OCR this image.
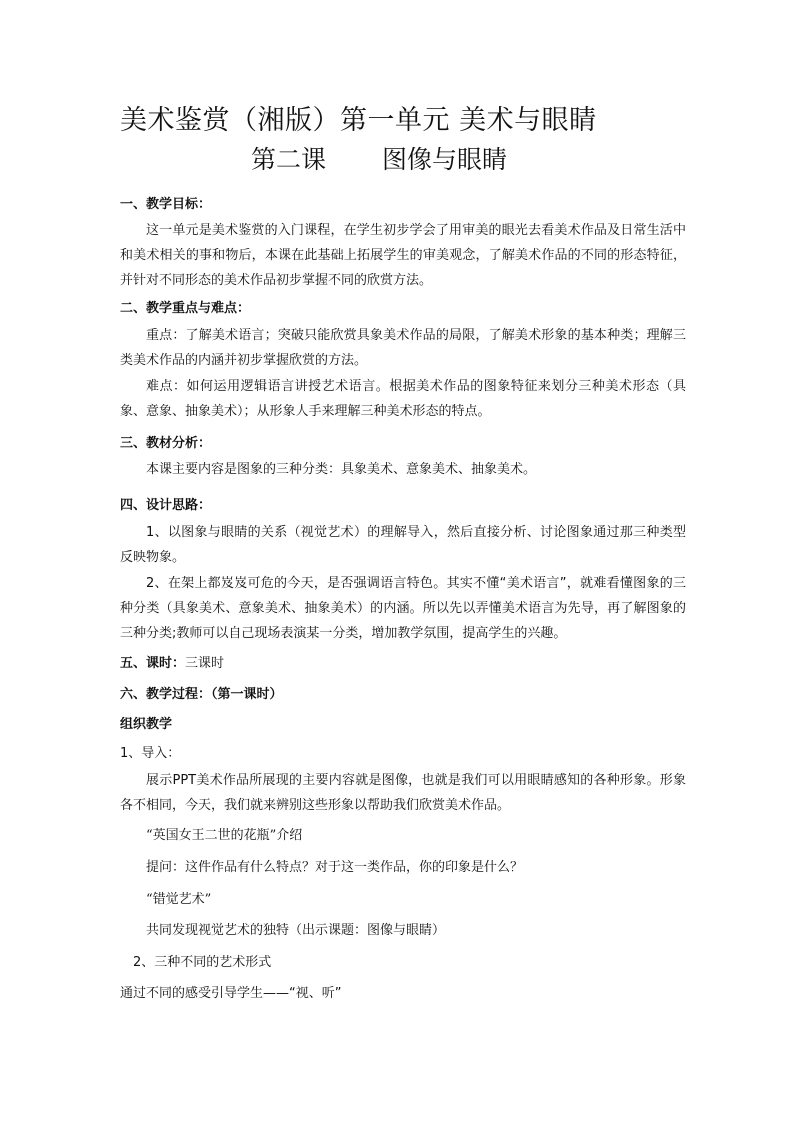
美术鉴赏（湘版）第一单元 美术与眼睛
第二课 图像与眼睛
一、教学目标：
这一单元是美术鉴赏的入门课程，在学生初步学会了用审美的眼光去看美术作品及日常生活中和美术相关的事和物后，本课在此基础上拓展学生的审美观念，了解美术作品的不同的形态特征，并针对不同形态的美术作品初步掌握不同的欣赏方法。
二、教学重点与难点：
重点：了解美术语言；突破只能欣赏具象美术作品的局限，了解美术形象的基本种类；理解三类美术作品的内涵并初步掌握欣赏的方法。
难点：如何运用逻辑语言讲授艺术语言。根据美术作品的图象特征来划分三种美术形态（具象、意象、抽象美术）；从形象人手来理解三种美术形态的特点。
三、教材分析：
本课主要内容是图象的三种分类：具象美术、意象美术、抽象美术。
四、设计思路：
1、以图象与眼睛的关系（视觉艺术）的理解导入，然后直接分析、讨论图象通过那三种类型反映物象。
2、在架上都岌岌可危的今天，是否强调语言特色。其实不懂“美术语言”，就难看懂图象的三种分类（具象美术、意象美术、抽象美术）的内涵。所以先以弄懂美术语言为先导，再了解图象的三种分类;教师可以自己现场表演某一分类，增加教学氛围，提高学生的兴趣。
五、课时：三课时
六、教学过程：（第一课时）
组织教学
1、导入：
展示PPT美术作品所展现的主要内容就是图像，也就是我们可以用眼睛感知的各种形象。形象各不相同，今天，我们就来辨别这些形象以帮助我们欣赏美术作品。
“英国女王二世的花瓶”介绍
提问：这件作品有什么特点？对于这一类作品，你的印象是什么？
“错觉艺术”
共同发现视觉艺术的独特（出示课题：图像与眼睛）
2、三种不同的艺术形式
通过不同的感受引导学生——“视、听”
